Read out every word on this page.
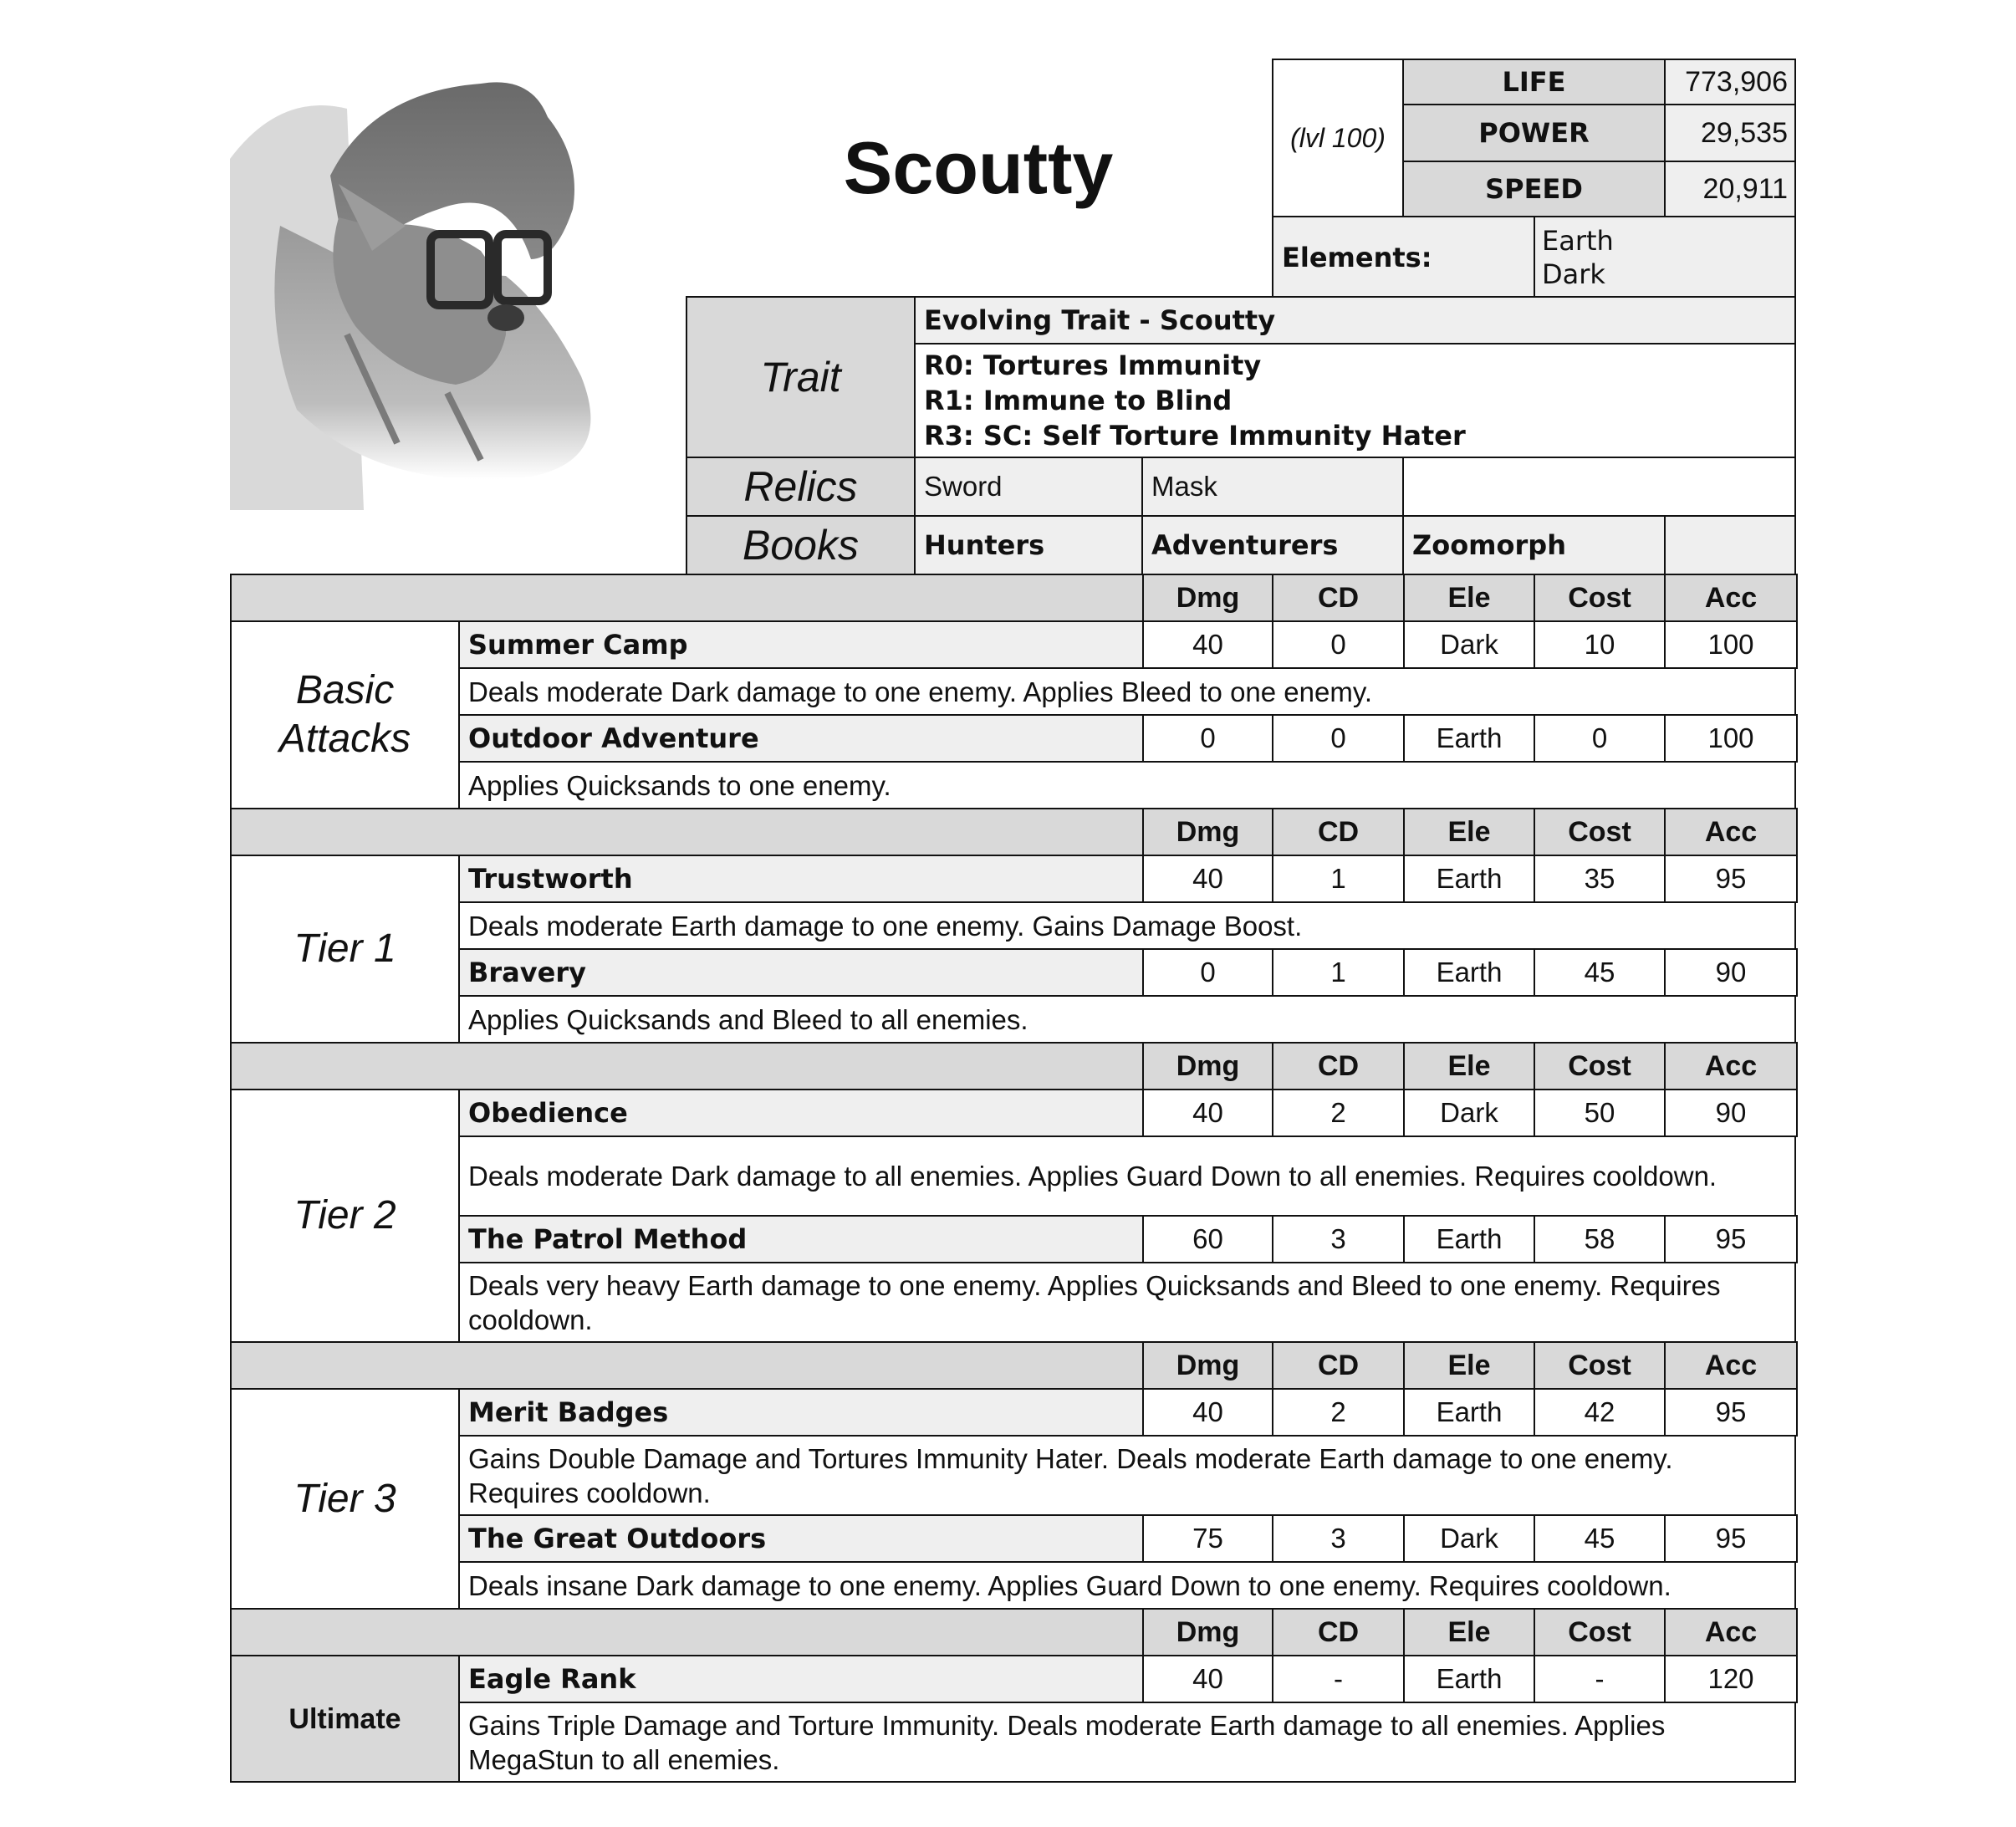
Scoutty	(lvl 100)
LIFE	773,906
POWER	29,535
SPEED	20,911
Elements:
Earth
Dark
Trait
Evolving Trait - Scoutty
R0: Tortures Immunity
R1: Immune to Blind
R3: SC: Self Torture Immunity Hater
Relics	Sword	Mask
Books	Hunters	Adventurers	Zoomorph
Dmg	CD	Ele	Cost	Acc
Summer Camp	40	0	Dark	10	100
Deals moderate Dark damage to one enemy. Applies Bleed to one enemy.
Outdoor Adventure	0	0	Earth	0	100
Applies Quicksands to one enemy.
Basic Attacks
Dmg	CD	Ele	Cost	Acc
Trustworth	40	1	Earth	35	95
Deals moderate Earth damage to one enemy. Gains Damage Boost.
Bravery	0	1	Earth	45	90
Applies Quicksands and Bleed to all enemies.
Tier 1
Dmg	CD	Ele	Cost	Acc
Obedience	40	2	Dark	50	90
Deals moderate Dark damage to all enemies. Applies Guard Down to all enemies. Requires cooldown.
The Patrol Method	60	3	Earth	58	95
Deals very heavy Earth damage to one enemy. Applies Quicksands and Bleed to one enemy. Requires cooldown.
Tier 2
Dmg	CD	Ele	Cost	Acc
Merit Badges	40	2	Earth	42	95
Gains Double Damage and Tortures Immunity Hater. Deals moderate Earth damage to one enemy. Requires cooldown.
The Great Outdoors	75	3	Dark	45	95
Deals insane Dark damage to one enemy. Applies Guard Down to one enemy. Requires cooldown.
Tier 3
Dmg	CD	Ele	Cost	Acc
Eagle Rank	40	-	Earth	-	120
Gains Triple Damage and Torture Immunity. Deals moderate Earth damage to all enemies. Applies MegaStun to all enemies.
Ultimate
